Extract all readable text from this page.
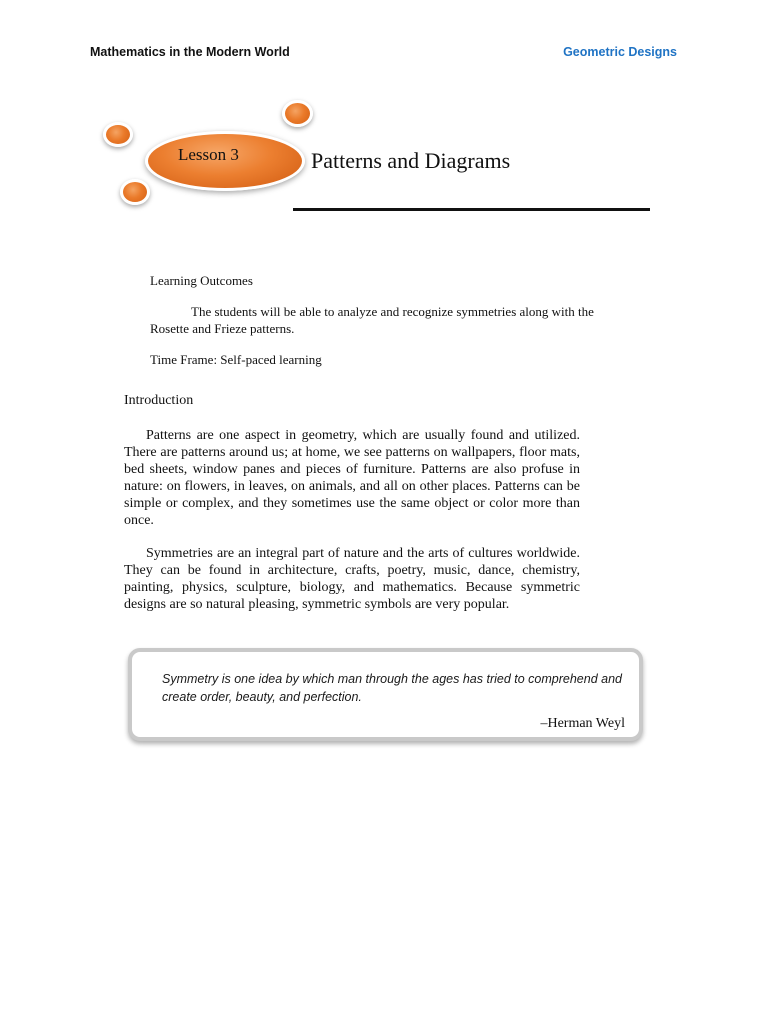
Mathematics in the Modern World	Geometric Designs
Lesson 3	Patterns and Diagrams
Learning Outcomes

The students will be able to analyze and recognize symmetries along with the Rosette and Frieze patterns.

Time Frame: Self-paced learning
Introduction

Patterns are one aspect in geometry, which are usually found and utilized. There are patterns around us; at home, we see patterns on wallpapers, floor mats, bed sheets, window panes and pieces of furniture. Patterns are also profuse in nature: on flowers, in leaves, on animals, and all on other places. Patterns can be simple or complex, and they sometimes use the same object or color more than once.

Symmetries are an integral part of nature and the arts of cultures worldwide. They can be found in architecture, crafts, poetry, music, dance, chemistry, painting, physics, sculpture, biology, and mathematics. Because symmetric designs are so natural pleasing, symmetric symbols are very popular.

Symmetry is one idea by which man through the ages has tried to comprehend and create order, beauty, and perfection.

–Herman Weyl
